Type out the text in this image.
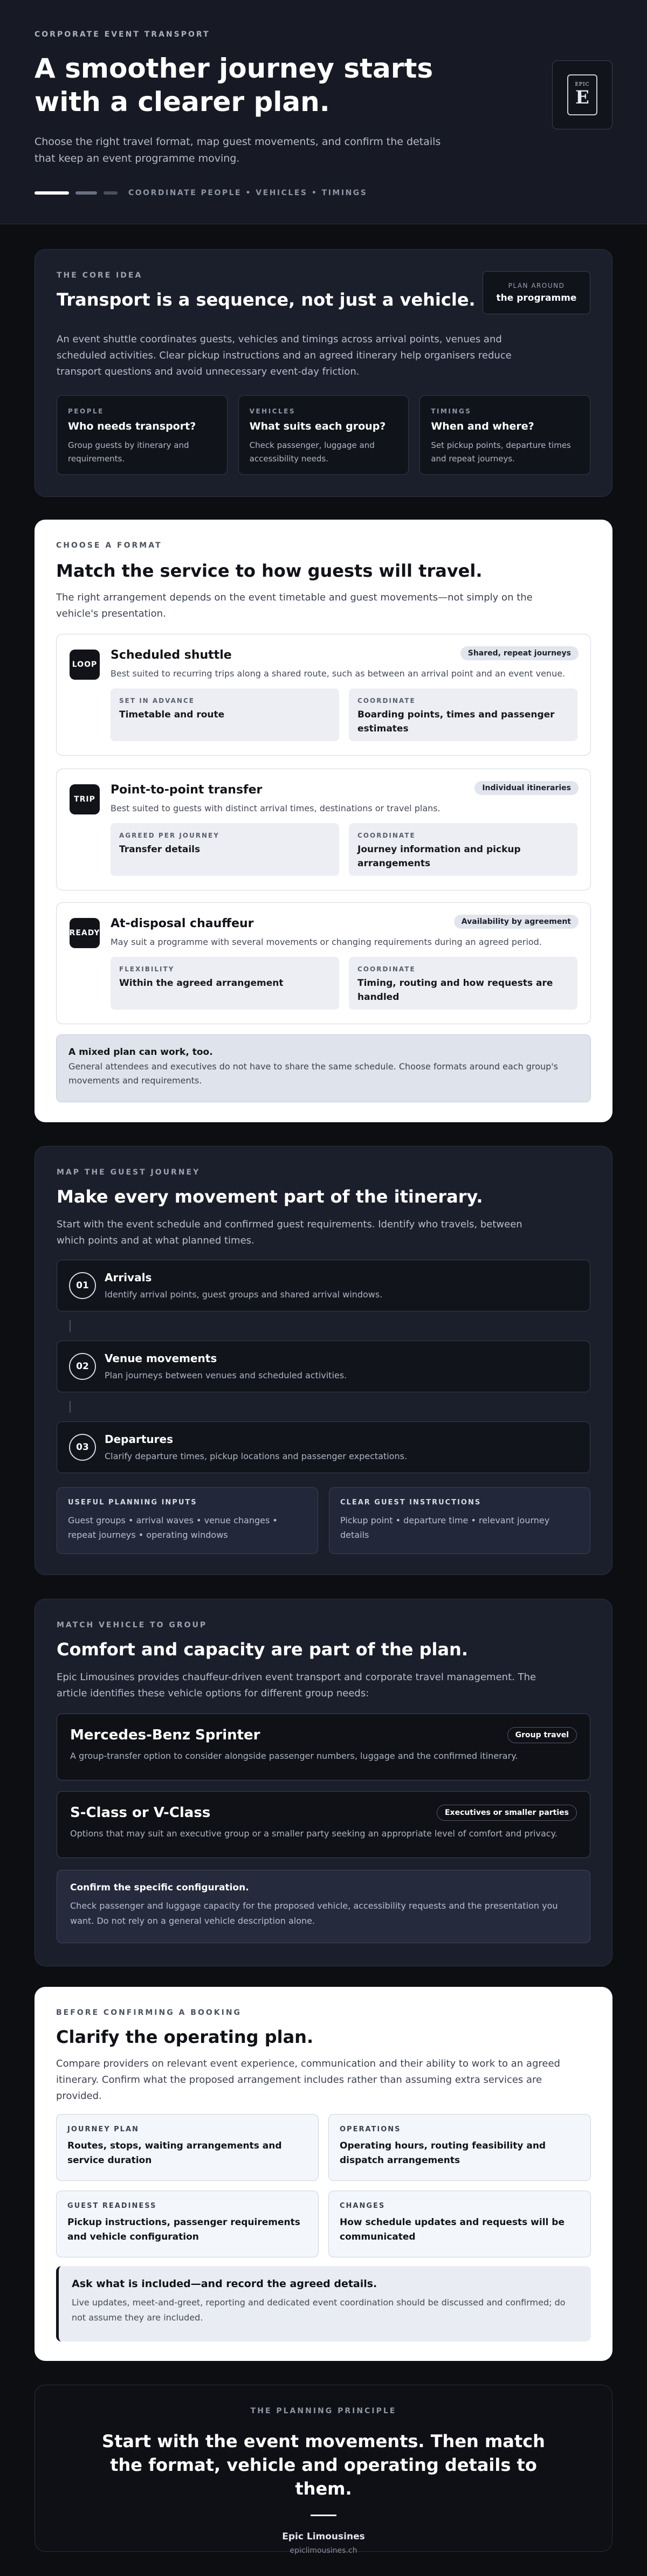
CORPORATE EVENT TRANSPORT
A smoother journey starts with a clearer plan.

Choose the right travel format, map guest movements, and confirm the details that keep an event programme moving.

COORDINATE PEOPLE • VEHICLES • TIMINGS
EPIC
E
THE CORE IDEA
Transport is a sequence, not just a vehicle.
PLAN AROUND
the programme

An event shuttle coordinates guests, vehicles and timings across arrival points, venues and scheduled activities. Clear pickup instructions and an agreed itinerary help organisers reduce transport questions and avoid unnecessary event-day friction.

PEOPLE
Who needs transport?
Group guests by itinerary and requirements.
VEHICLES
What suits each group?
Check passenger, luggage and accessibility needs.
TIMINGS
When and where?
Set pickup points, departure times and repeat journeys.
CHOOSE A FORMAT
Match the service to how guests will travel.

The right arrangement depends on the event timetable and guest movements—not simply on the vehicle's presentation.

LOOP
Scheduled shuttle	Shared, repeat journeys
Best suited to recurring trips along a shared route, such as between an arrival point and an event venue.
SET IN ADVANCE
Timetable and route
COORDINATE
Boarding points, times and passenger estimates
TRIP
Point-to-point transfer	Individual itineraries
Best suited to guests with distinct arrival times, destinations or travel plans.
AGREED PER JOURNEY
Transfer details
COORDINATE
Journey information and pickup arrangements
READY
At-disposal chauffeur	Availability by agreement
May suit a programme with several movements or changing requirements during an agreed period.
FLEXIBILITY
Within the agreed arrangement
COORDINATE
Timing, routing and how requests are handled
A mixed plan can work, too.
General attendees and executives do not have to share the same schedule. Choose formats around each group's movements and requirements.
MAP THE GUEST JOURNEY
Make every movement part of the itinerary.

Start with the event schedule and confirmed guest requirements. Identify who travels, between which points and at what planned times.

01
Arrivals
Identify arrival points, guest groups and shared arrival windows.
02
Venue movements
Plan journeys between venues and scheduled activities.
03
Departures
Clarify departure times, pickup locations and passenger expectations.
USEFUL PLANNING INPUTS
Guest groups • arrival waves • venue changes • repeat journeys • operating windows
CLEAR GUEST INSTRUCTIONS
Pickup point • departure time • relevant journey details
MATCH VEHICLE TO GROUP
Comfort and capacity are part of the plan.

Epic Limousines provides chauffeur-driven event transport and corporate travel management. The article identifies these vehicle options for different group needs:

Mercedes-Benz Sprinter	Group travel
A group-transfer option to consider alongside passenger numbers, luggage and the confirmed itinerary.
S-Class or V-Class	Executives or smaller parties
Options that may suit an executive group or a smaller party seeking an appropriate level of comfort and privacy.
Confirm the specific configuration.
Check passenger and luggage capacity for the proposed vehicle, accessibility requests and the presentation you want. Do not rely on a general vehicle description alone.
BEFORE CONFIRMING A BOOKING
Clarify the operating plan.

Compare providers on relevant event experience, communication and their ability to work to an agreed itinerary. Confirm what the proposed arrangement includes rather than assuming extra services are provided.

JOURNEY PLAN
Routes, stops, waiting arrangements and service duration
OPERATIONS
Operating hours, routing feasibility and dispatch arrangements
GUEST READINESS
Pickup instructions, passenger requirements and vehicle configuration
CHANGES
How schedule updates and requests will be communicated
Ask what is included—and record the agreed details.
Live updates, meet-and-greet, reporting and dedicated event coordination should be discussed and confirmed; do not assume they are included.
THE PLANNING PRINCIPLE
Start with the event movements. Then match the format, vehicle and operating details to them.
Epic Limousines
epiclimousines.ch
